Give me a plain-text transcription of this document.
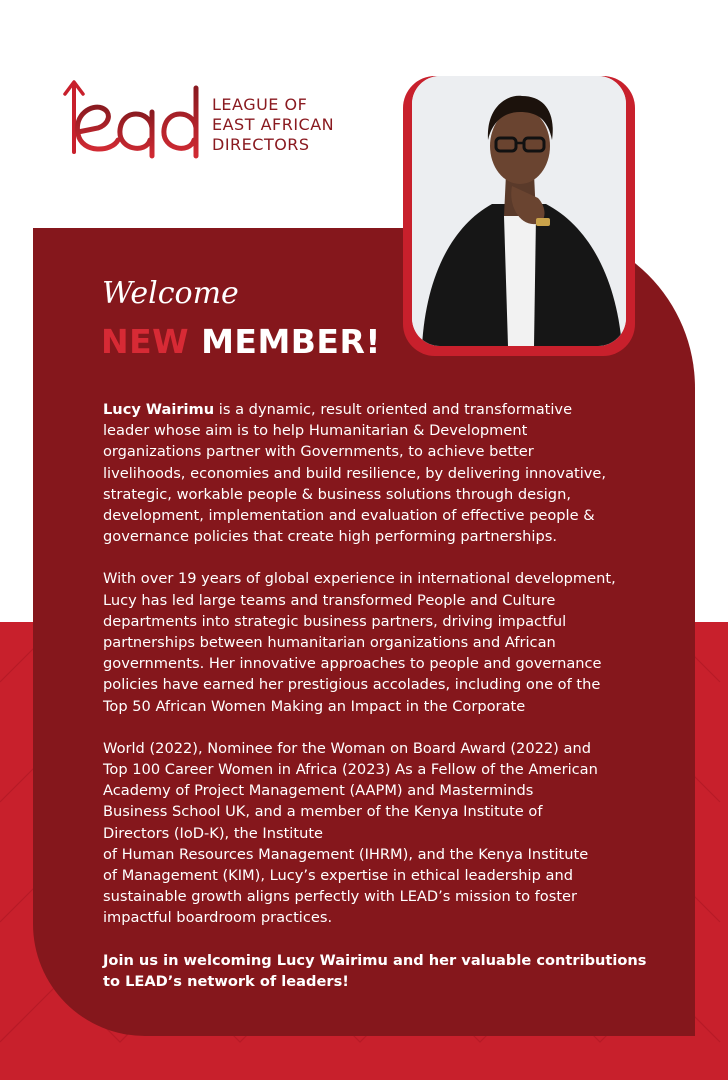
LEAGUE OF
EAST AFRICAN
DIRECTORS
Welcome
NEW MEMBER!

Lucy Wairimu is a dynamic, result oriented and transformative
leader whose aim is to help Humanitarian & Development
organizations partner with Governments, to achieve better
livelihoods, economies and build resilience, by delivering innovative,
strategic, workable people & business solutions through design,
development, implementation and evaluation of effective people &
governance policies that create high performing partnerships.

With over 19 years of global experience in international development,
Lucy has led large teams and transformed People and Culture
departments into strategic business partners, driving impactful
partnerships between humanitarian organizations and African
governments. Her innovative approaches to people and governance
policies have earned her prestigious accolades, including one of the
Top 50 African Women Making an Impact in the Corporate

World (2022), Nominee for the Woman on Board Award (2022) and
Top 100 Career Women in Africa (2023) As a Fellow of the American
Academy of Project Management (AAPM) and Masterminds
Business School UK, and a member of the Kenya Institute of
Directors (IoD-K), the Institute
of Human Resources Management (IHRM), and the Kenya Institute
of Management (KIM), Lucy’s expertise in ethical leadership and
sustainable growth aligns perfectly with LEAD’s mission to foster
impactful boardroom practices.

Join us in welcoming Lucy Wairimu and her valuable contributions
to LEAD’s network of leaders!
